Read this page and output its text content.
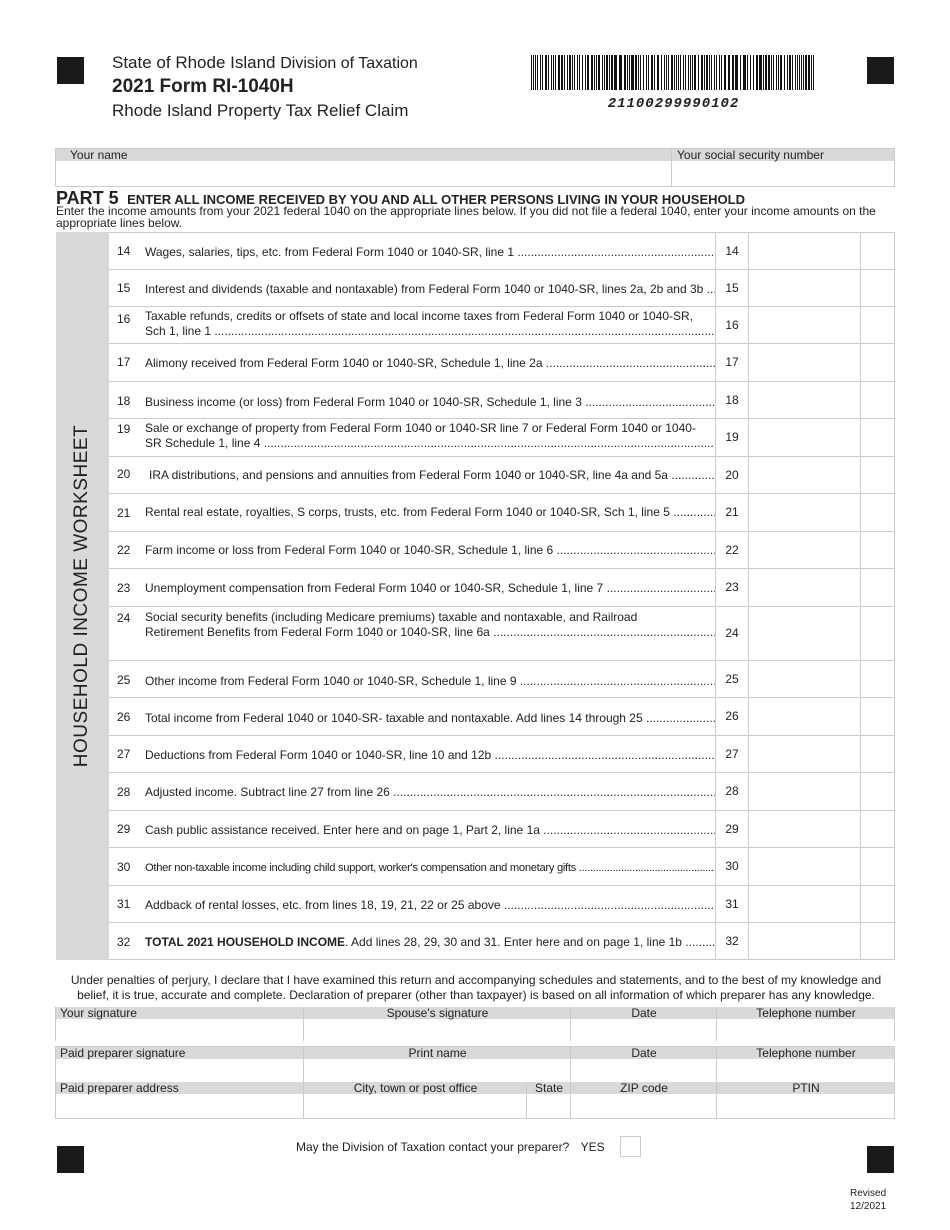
State of Rhode Island Division of Taxation
2021 Form RI-1040H
Rhode Island Property Tax Relief Claim	21100299990102
Your name	Your social security number
PART 5 ENTER ALL INCOME RECEIVED BY YOU AND ALL OTHER PERSONS LIVING IN YOUR HOUSEHOLD
Enter the income amounts from your 2021 federal 1040 on the appropriate lines below. If you did not file a federal 1040, enter your income amounts on the appropriate lines below.
HOUSEHOLD INCOME WORKSHEET
14 Wages, salaries, tips, etc. from Federal Form 1040 or 1040-SR, line 1 .....	14
15 Interest and dividends (taxable and nontaxable) from Federal Form 1040 or 1040-SR, lines 2a, 2b and 3b .....	15
16 Taxable refunds, credits or offsets of state and local income taxes from Federal Form 1040 or 1040-SR,
Sch 1, line 1 .....	16
17 Alimony received from Federal Form 1040 or 1040-SR, Schedule 1, line 2a .....	17
18 Business income (or loss) from Federal Form 1040 or 1040-SR, Schedule 1, line 3 .....	18
19 Sale or exchange of property from Federal Form 1040 or 1040-SR line 7 or Federal Form 1040 or 1040-
SR Schedule 1, line 4 .....	19
20	IRA distributions, and pensions and annuities from Federal Form 1040 or 1040-SR, line 4a and 5a .....	20
21 Rental real estate, royalties, S corps, trusts, etc. from Federal Form 1040 or 1040-SR, Sch 1, line 5 .....	21
22 Farm income or loss from Federal Form 1040 or 1040-SR, Schedule 1, line 6 .....	22
23 Unemployment compensation from Federal Form 1040 or 1040-SR, Schedule 1, line 7 .....	23
24 Social security benefits (including Medicare premiums) taxable and nontaxable, and Railroad
Retirement Benefits from Federal Form 1040 or 1040-SR, line 6a .....	24
25 Other income from Federal Form 1040 or 1040-SR, Schedule 1, line 9 .....	25
26 Total income from Federal 1040 or 1040-SR- taxable and nontaxable. Add lines 14 through 25 .....	26
27 Deductions from Federal Form 1040 or 1040-SR, line 10 and 12b .....	27
28 Adjusted income. Subtract line 27 from line 26 .....	28
29 Cash public assistance received. Enter here and on page 1, Part 2, line 1a .....	29
30 Other non-taxable income including child support, worker's compensation and monetary gifts .....	30
31 Addback of rental losses, etc. from lines 18, 19, 21, 22 or 25 above .....	31
32 TOTAL 2021 HOUSEHOLD INCOME. Add lines 28, 29, 30 and 31. Enter here and on page 1, line 1b .....	32
Under penalties of perjury, I declare that I have examined this return and accompanying schedules and statements, and to the best of my knowledge and belief, it is true, accurate and complete. Declaration of preparer (other than taxpayer) is based on all information of which preparer has any knowledge.
Your signature	Spouse's signature	Date	Telephone number
Paid preparer signature	Print name	Date	Telephone number
Paid preparer address	City, town or post office	State	ZIP code	PTIN
May the Division of Taxation contact your preparer? YES
Revised
12/2021
